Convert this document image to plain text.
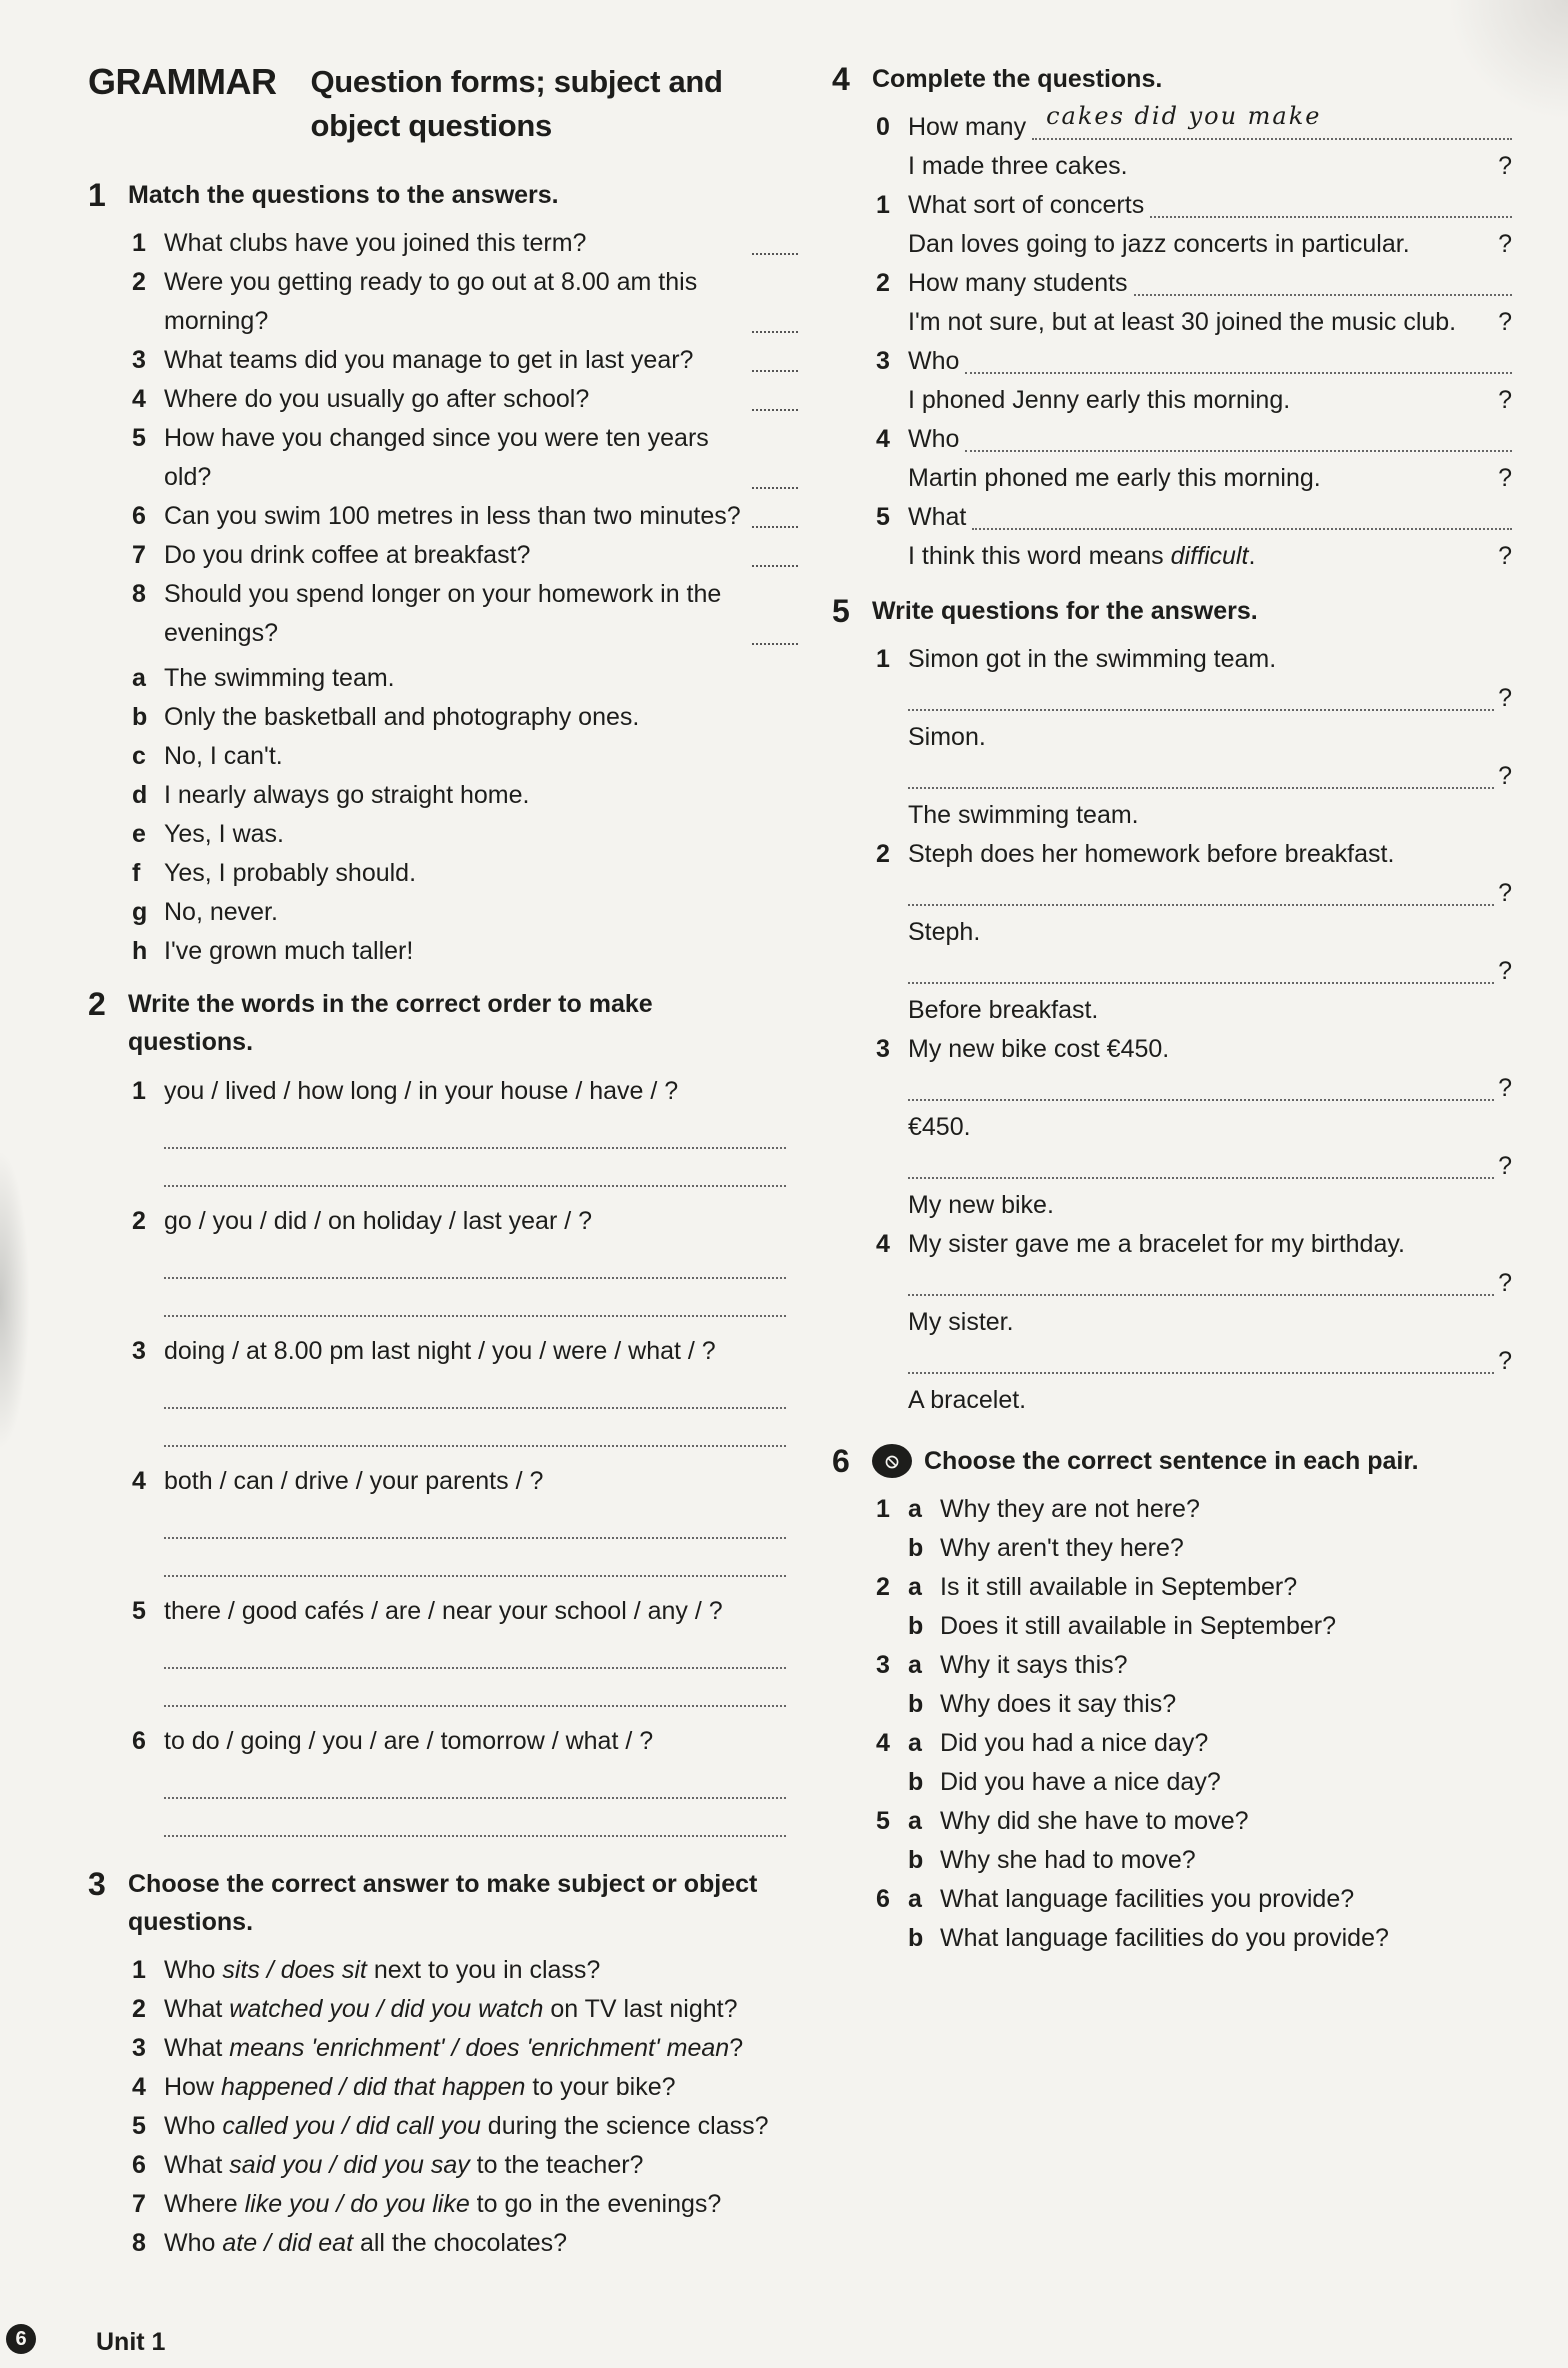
GRAMMAR Question forms; subject and object questions
1 Match the questions to the answers.
1 What clubs have you joined this term?
2 Were you getting ready to go out at 8.00 am this morning?
3 What teams did you manage to get in last year?
4 Where do you usually go after school?
5 How have you changed since you were ten years old?
6 Can you swim 100 metres in less than two minutes?
7 Do you drink coffee at breakfast?
8 Should you spend longer on your homework in the evenings?
a The swimming team.
b Only the basketball and photography ones.
c No, I can't.
d I nearly always go straight home.
e Yes, I was.
f Yes, I probably should.
g No, never.
h I've grown much taller!
2 Write the words in the correct order to make questions.
1 you / lived / how long / in your house / have / ?
2 go / you / did / on holiday / last year / ?
3 doing / at 8.00 pm last night / you / were / what / ?
4 both / can / drive / your parents / ?
5 there / good cafés / are / near your school / any / ?
6 to do / going / you / are / tomorrow / what / ?
3 Choose the correct answer to make subject or object questions.
1 Who sits / does sit next to you in class?
2 What watched you / did you watch on TV last night?
3 What means 'enrichment' / does 'enrichment' mean?
4 How happened / did that happen to your bike?
5 Who called you / did call you during the science class?
6 What said you / did you say to the teacher?
7 Where like you / do you like to go in the evenings?
8 Who ate / did eat all the chocolates?
4 Complete the questions.
0 How many cakes did you make
I made three cakes.	?
1 What sort of concerts
Dan loves going to jazz concerts in particular.	?
2 How many students
I'm not sure, but at least 30 joined the music club.	?
3 Who
I phoned Jenny early this morning.	?
4 Who
Martin phoned me early this morning.	?
5 What
I think this word means difficult.	?
5 Write questions for the answers.
1 Simon got in the swimming team.
?
Simon.
?
The swimming team.
2 Steph does her homework before breakfast.
?
Steph.
?
Before breakfast.
3 My new bike cost €450.
?
€450.
?
My new bike.
4 My sister gave me a bracelet for my birthday.
?
My sister.
?
A bracelet.
6	⦸	Choose the correct sentence in each pair.
1 a Why they are not here?
b Why aren't they here?
2 a Is it still available in September?
b Does it still available in September?
3 a Why it says this?
b Why does it say this?
4 a Did you had a nice day?
b Did you have a nice day?
5 a Why did she have to move?
b Why she had to move?
6 a What language facilities you provide?
b What language facilities do you provide?
6	Unit 1
